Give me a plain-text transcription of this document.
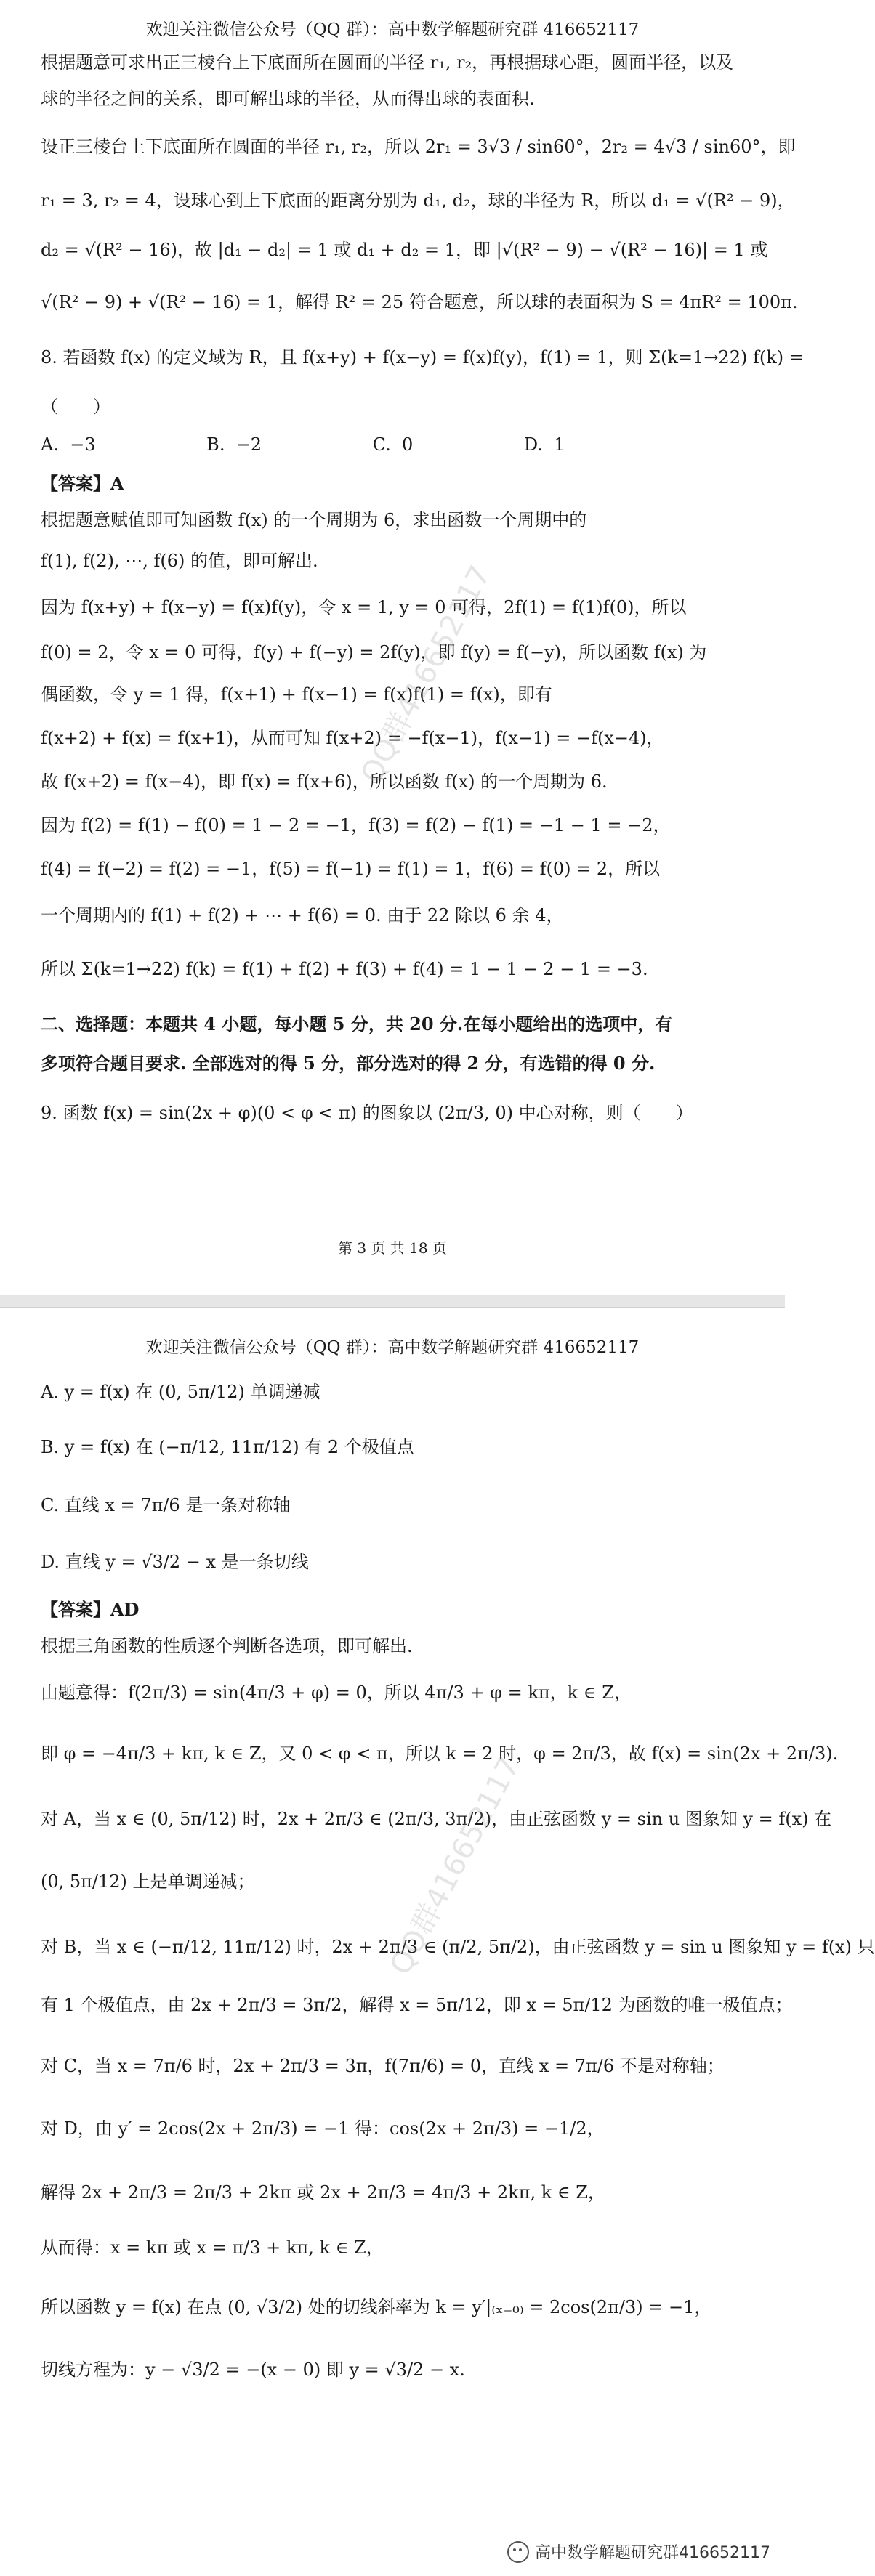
欢迎关注微信公众号（QQ 群）：高中数学解题研究群 416652117
根据题意可求出正三棱台上下底面所在圆面的半径 r₁, r₂，再根据球心距，圆面半径，以及
球的半径之间的关系，即可解出球的半径，从而得出球的表面积.
设正三棱台上下底面所在圆面的半径 r₁, r₂，所以 2r₁ = 3√3 / sin60°，2r₂ = 4√3 / sin60°，即
r₁ = 3, r₂ = 4，设球心到上下底面的距离分别为 d₁, d₂，球的半径为 R，所以 d₁ = √(R² − 9)，
d₂ = √(R² − 16)，故 |d₁ − d₂| = 1 或 d₁ + d₂ = 1，即 |√(R² − 9) − √(R² − 16)| = 1 或
√(R² − 9) + √(R² − 16) = 1，解得 R² = 25 符合题意，所以球的表面积为 S = 4πR² = 100π.
8. 若函数 f(x) 的定义域为 R，且 f(x+y) + f(x−y) = f(x)f(y)，f(1) = 1，则 Σ(k=1→22) f(k) =
（　　）
A.  −3                    B.  −2                    C.  0                    D.  1
【答案】A
根据题意赋值即可知函数 f(x) 的一个周期为 6，求出函数一个周期中的
f(1), f(2), ⋯, f(6) 的值，即可解出.
因为 f(x+y) + f(x−y) = f(x)f(y)，令 x = 1, y = 0 可得，2f(1) = f(1)f(0)，所以
f(0) = 2，令 x = 0 可得，f(y) + f(−y) = 2f(y)，即 f(y) = f(−y)，所以函数 f(x) 为
偶函数，令 y = 1 得，f(x+1) + f(x−1) = f(x)f(1) = f(x)，即有
f(x+2) + f(x) = f(x+1)，从而可知 f(x+2) = −f(x−1)，f(x−1) = −f(x−4)，
故 f(x+2) = f(x−4)，即 f(x) = f(x+6)，所以函数 f(x) 的一个周期为 6.
因为 f(2) = f(1) − f(0) = 1 − 2 = −1，f(3) = f(2) − f(1) = −1 − 1 = −2，
f(4) = f(−2) = f(2) = −1，f(5) = f(−1) = f(1) = 1，f(6) = f(0) = 2，所以
一个周期内的 f(1) + f(2) + ⋯ + f(6) = 0. 由于 22 除以 6 余 4，
所以 Σ(k=1→22) f(k) = f(1) + f(2) + f(3) + f(4) = 1 − 1 − 2 − 1 = −3.
二、选择题：本题共 4 小题，每小题 5 分，共 20 分.在每小题给出的选项中，有
多项符合题目要求. 全部选对的得 5 分，部分选对的得 2 分，有选错的得 0 分.
9. 函数 f(x) = sin(2x + φ)(0 < φ < π) 的图象以 (2π/3, 0) 中心对称，则（　　）
第 3 页 共 18 页
QQ群416652117
欢迎关注微信公众号（QQ 群）：高中数学解题研究群 416652117
A. y = f(x) 在 (0, 5π/12) 单调递减
B. y = f(x) 在 (−π/12, 11π/12) 有 2 个极值点
C. 直线 x = 7π/6 是一条对称轴
D. 直线 y = √3/2 − x 是一条切线
【答案】AD
根据三角函数的性质逐个判断各选项，即可解出.
由题意得：f(2π/3) = sin(4π/3 + φ) = 0，所以 4π/3 + φ = kπ，k ∈ Z，
即 φ = −4π/3 + kπ, k ∈ Z，又 0 < φ < π，所以 k = 2 时，φ = 2π/3，故 f(x) = sin(2x + 2π/3).
对 A，当 x ∈ (0, 5π/12) 时，2x + 2π/3 ∈ (2π/3, 3π/2)，由正弦函数 y = sin u 图象知 y = f(x) 在
(0, 5π/12) 上是单调递减；
对 B，当 x ∈ (−π/12, 11π/12) 时，2x + 2π/3 ∈ (π/2, 5π/2)，由正弦函数 y = sin u 图象知 y = f(x) 只
有 1 个极值点，由 2x + 2π/3 = 3π/2，解得 x = 5π/12，即 x = 5π/12 为函数的唯一极值点；
对 C，当 x = 7π/6 时，2x + 2π/3 = 3π，f(7π/6) = 0，直线 x = 7π/6 不是对称轴；
对 D，由 y′ = 2cos(2x + 2π/3) = −1 得：cos(2x + 2π/3) = −1/2，
解得 2x + 2π/3 = 2π/3 + 2kπ 或 2x + 2π/3 = 4π/3 + 2kπ, k ∈ Z，
从而得：x = kπ 或 x = π/3 + kπ, k ∈ Z，
所以函数 y = f(x) 在点 (0, √3/2) 处的切线斜率为 k = y′|₍ₓ₌₀₎ = 2cos(2π/3) = −1，
切线方程为：y − √3/2 = −(x − 0) 即 y = √3/2 − x.
QQ群416652117
高中数学解题研究群416652117
